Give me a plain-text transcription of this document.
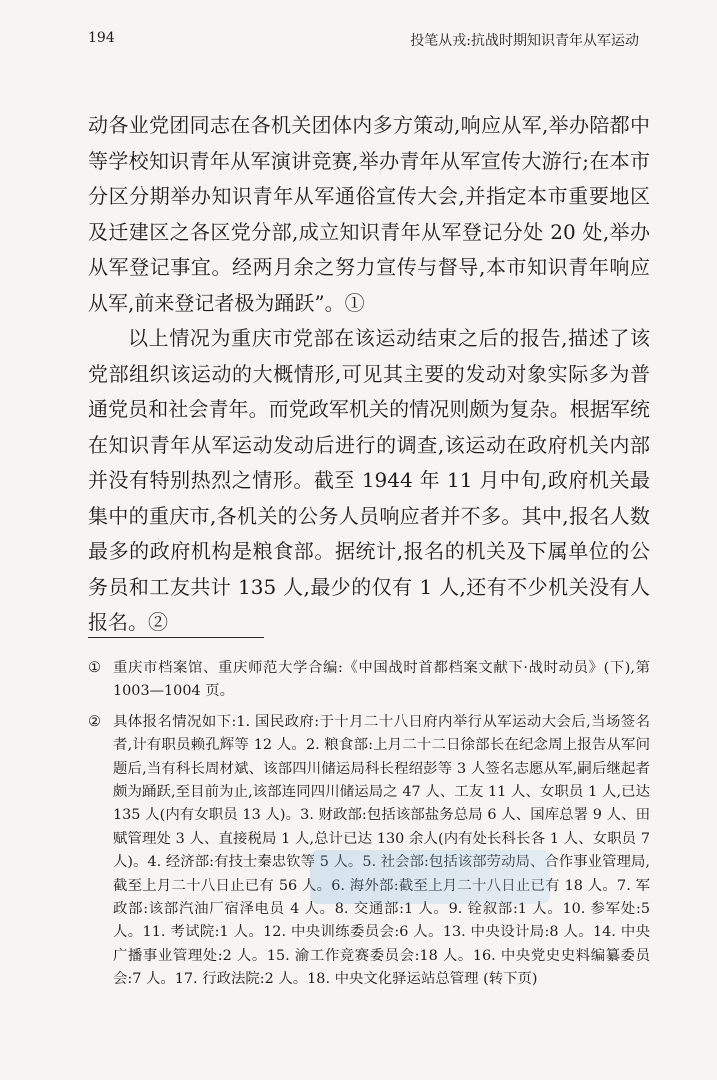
194	投笔从戎:抗战时期知识青年从军运动

动各业党团同志在各机关团体内多方策动,响应从军,举办陪都中等学校知识青年从军演讲竞赛,举办青年从军宣传大游行;在本市分区分期举办知识青年从军通俗宣传大会,并指定本市重要地区及迁建区之各区党分部,成立知识青年从军登记分处 20 处,举办从军登记事宜。经两月余之努力宣传与督导,本市知识青年响应从军,前来登记者极为踊跃”。①

以上情况为重庆市党部在该运动结束之后的报告,描述了该党部组织该运动的大概情形,可见其主要的发动对象实际多为普通党员和社会青年。而党政军机关的情况则颇为复杂。根据军统在知识青年从军运动发动后进行的调查,该运动在政府机关内部并没有特别热烈之情形。截至 1944 年 11 月中旬,政府机关最集中的重庆市,各机关的公务人员响应者并不多。其中,报名人数最多的政府机构是粮食部。据统计,报名的机关及下属单位的公务员和工友共计 135 人,最少的仅有 1 人,还有不少机关没有人报名。②

① 重庆市档案馆、重庆师范大学合编:《中国战时首都档案文献下·战时动员》(下),第1003—1004 页。
② 具体报名情况如下:1. 国民政府:于十月二十八日府内举行从军运动大会后,当场签名者,计有职员赖孔辉等 12 人。2. 粮食部:上月二十二日徐部长在纪念周上报告从军问题后,当有科长周材斌、该部四川储运局科长程绍彭等 3 人签名志愿从军,嗣后继起者颇为踊跃,至目前为止,该部连同四川储运局之 47 人、工友 11 人、女职员 1 人,已达 135 人(内有女职员 13 人)。3. 财政部:包括该部盐务总局 6 人、国库总署 9 人、田赋管理处 3 人、直接税局 1 人,总计已达 130 余人(内有处长科长各 1 人、女职员 7 人)。4. 经济部:有技士秦忠钦等 5 人。5. 社会部:包括该部劳动局、合作事业管理局,截至上月二十八日止已有 56 人。6. 海外部:截至上月二十八日止已有 18 人。7. 军政部:该部汽油厂宿泽电员 4 人。8. 交通部:1 人。9. 铨叙部:1 人。10. 参军处:5 人。11. 考试院:1 人。12. 中央训练委员会:6 人。13. 中央设计局:8 人。14. 中央广播事业管理处:2 人。15. 渝工作竞赛委员会:18 人。16. 中央党史史料编纂委员会:7 人。17. 行政法院:2 人。18. 中央文化驿运站总管理 (转下页)
